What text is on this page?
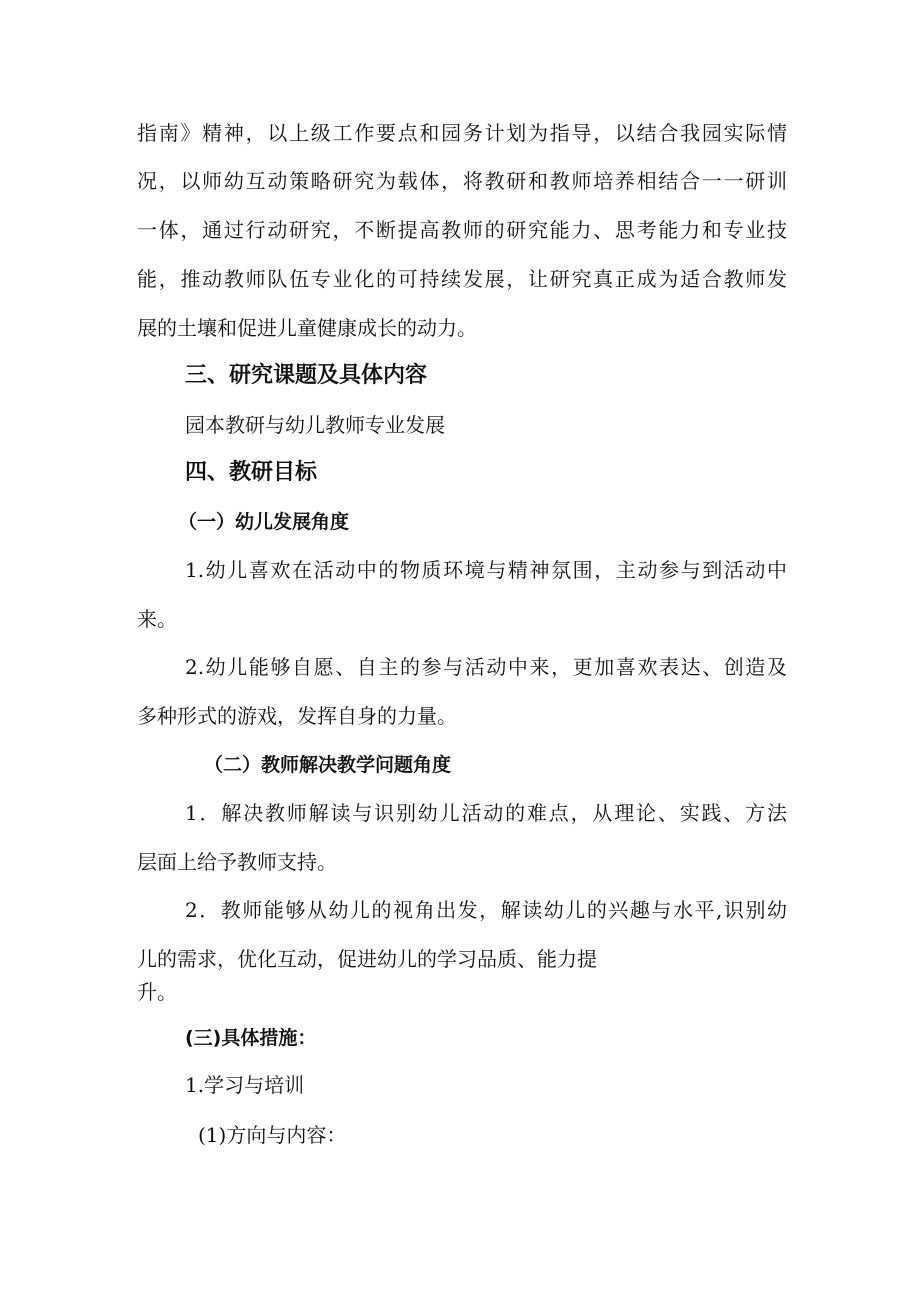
指南》精神，以上级工作要点和园务计划为指导，以结合我园实际情
况，以师幼互动策略研究为载体，将教研和教师培养相结合一一研训
一体，通过行动研究，不断提高教师的研究能力、思考能力和专业技
能，推动教师队伍专业化的可持续发展，让研究真正成为适合教师发
展的土壤和促进儿童健康成长的动力。
三、研究课题及具体内容
园本教研与幼儿教师专业发展
四、教研目标
（一）幼儿发展角度
1.幼儿喜欢在活动中的物质环境与精神氛围，主动参与到活动中
来。
2.幼儿能够自愿、自主的参与活动中来，更加喜欢表达、创造及
多种形式的游戏，发挥自身的力量。
（二）教师解决教学问题角度
1．解决教师解读与识别幼儿活动的难点，从理论、实践、方法
层面上给予教师支持。
2．教师能够从幼儿的视角出发，解读幼儿的兴趣与水平,识别幼
儿的需求，优化互动，促进幼儿的学习品质、能力提
升。
(三)具体措施：
1.学习与培训
(1)方向与内容：
